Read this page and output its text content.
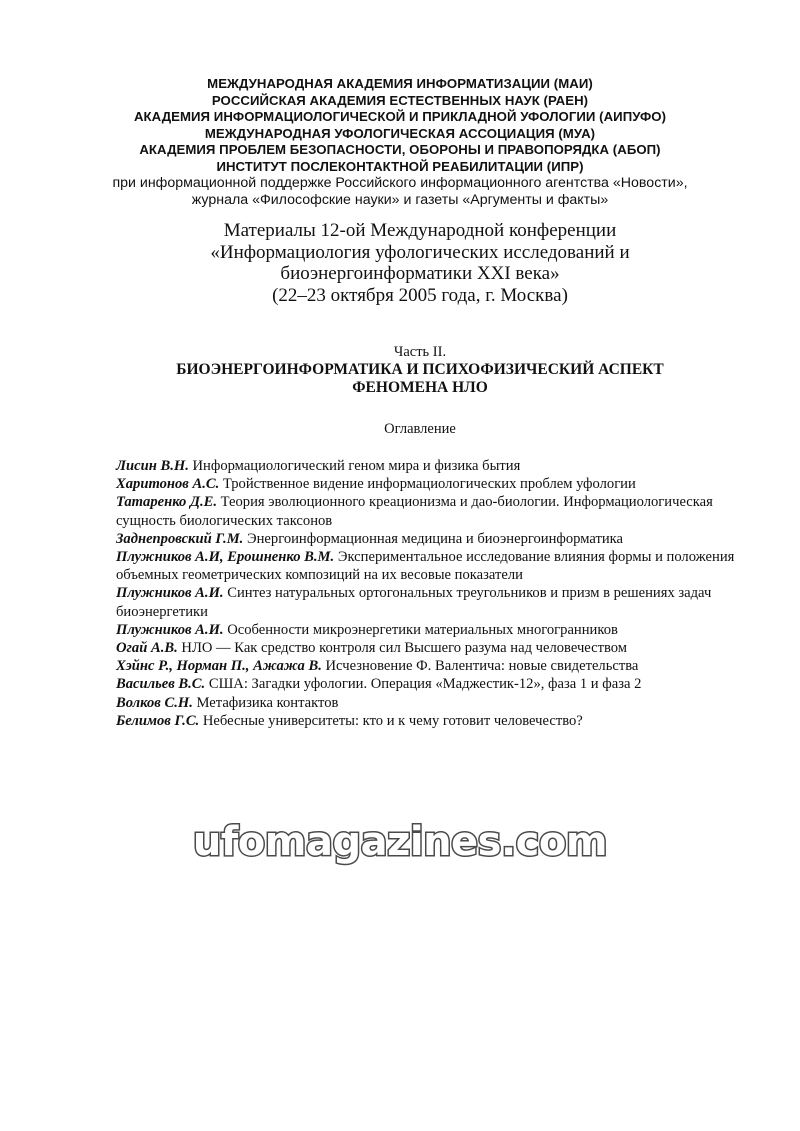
МЕЖДУНАРОДНАЯ АКАДЕМИЯ ИНФОРМАТИЗАЦИИ (МАИ)
РОССИЙСКАЯ АКАДЕМИЯ ЕСТЕСТВЕННЫХ НАУК (РАЕН)
АКАДЕМИЯ ИНФОРМАЦИОЛОГИЧЕСКОЙ И ПРИКЛАДНОЙ УФОЛОГИИ (АИПУФО)
МЕЖДУНАРОДНАЯ УФОЛОГИЧЕСКАЯ АССОЦИАЦИЯ (МУА)
АКАДЕМИЯ ПРОБЛЕМ БЕЗОПАСНОСТИ, ОБОРОНЫ И ПРАВОПОРЯДКА (АБОП)
ИНСТИТУТ ПОСЛЕКОНТАКТНОЙ РЕАБИЛИТАЦИИ (ИПР)
при информационной поддержке Российского информационного агентства «Новости»,
журнала «Философские науки» и газеты «Аргументы и факты»
Материалы 12-ой Международной конференции
«Информациология уфологических исследований и
биоэнергоинформатики XXI века»
(22–23 октября 2005 года, г. Москва)
Часть II.
БИОЭНЕРГОИНФОРМАТИКА И ПСИХОФИЗИЧЕСКИЙ АСПЕКТ
ФЕНОМЕНА НЛО
Оглавление

Лисин В.Н. Информациологический геном мира и физика бытия

Харитонов А.С. Тройственное видение информациологических проблем уфологии

Татаренко Д.Е. Теория эволюционного креационизма и дао-биологии. Информациологическая сущность биологических таксонов

Заднепровский Г.М. Энергоинформационная медицина и биоэнергоинформатика

Плужников А.И, Ерошненко В.М. Экспериментальное исследование влияния формы и положения объемных геометрических композиций на их весовые показатели

Плужников А.И. Синтез натуральных ортогональных треугольников и призм в решениях задач биоэнергетики

Плужников А.И. Особенности микроэнергетики материальных многогранников

Огай А.В. НЛО — Как средство контроля сил Высшего разума над человечеством

Хэйнс Р., Норман П., Ажажа В. Исчезновение Ф. Валентича: новые свидетельства

Васильев В.С. США: Загадки уфологии. Операция «Маджестик-12», фаза 1 и фаза 2

Волков С.Н. Метафизика контактов

Белимов Г.С. Небесные университеты: кто и к чему готовит человечество?

ufomagazines.com
